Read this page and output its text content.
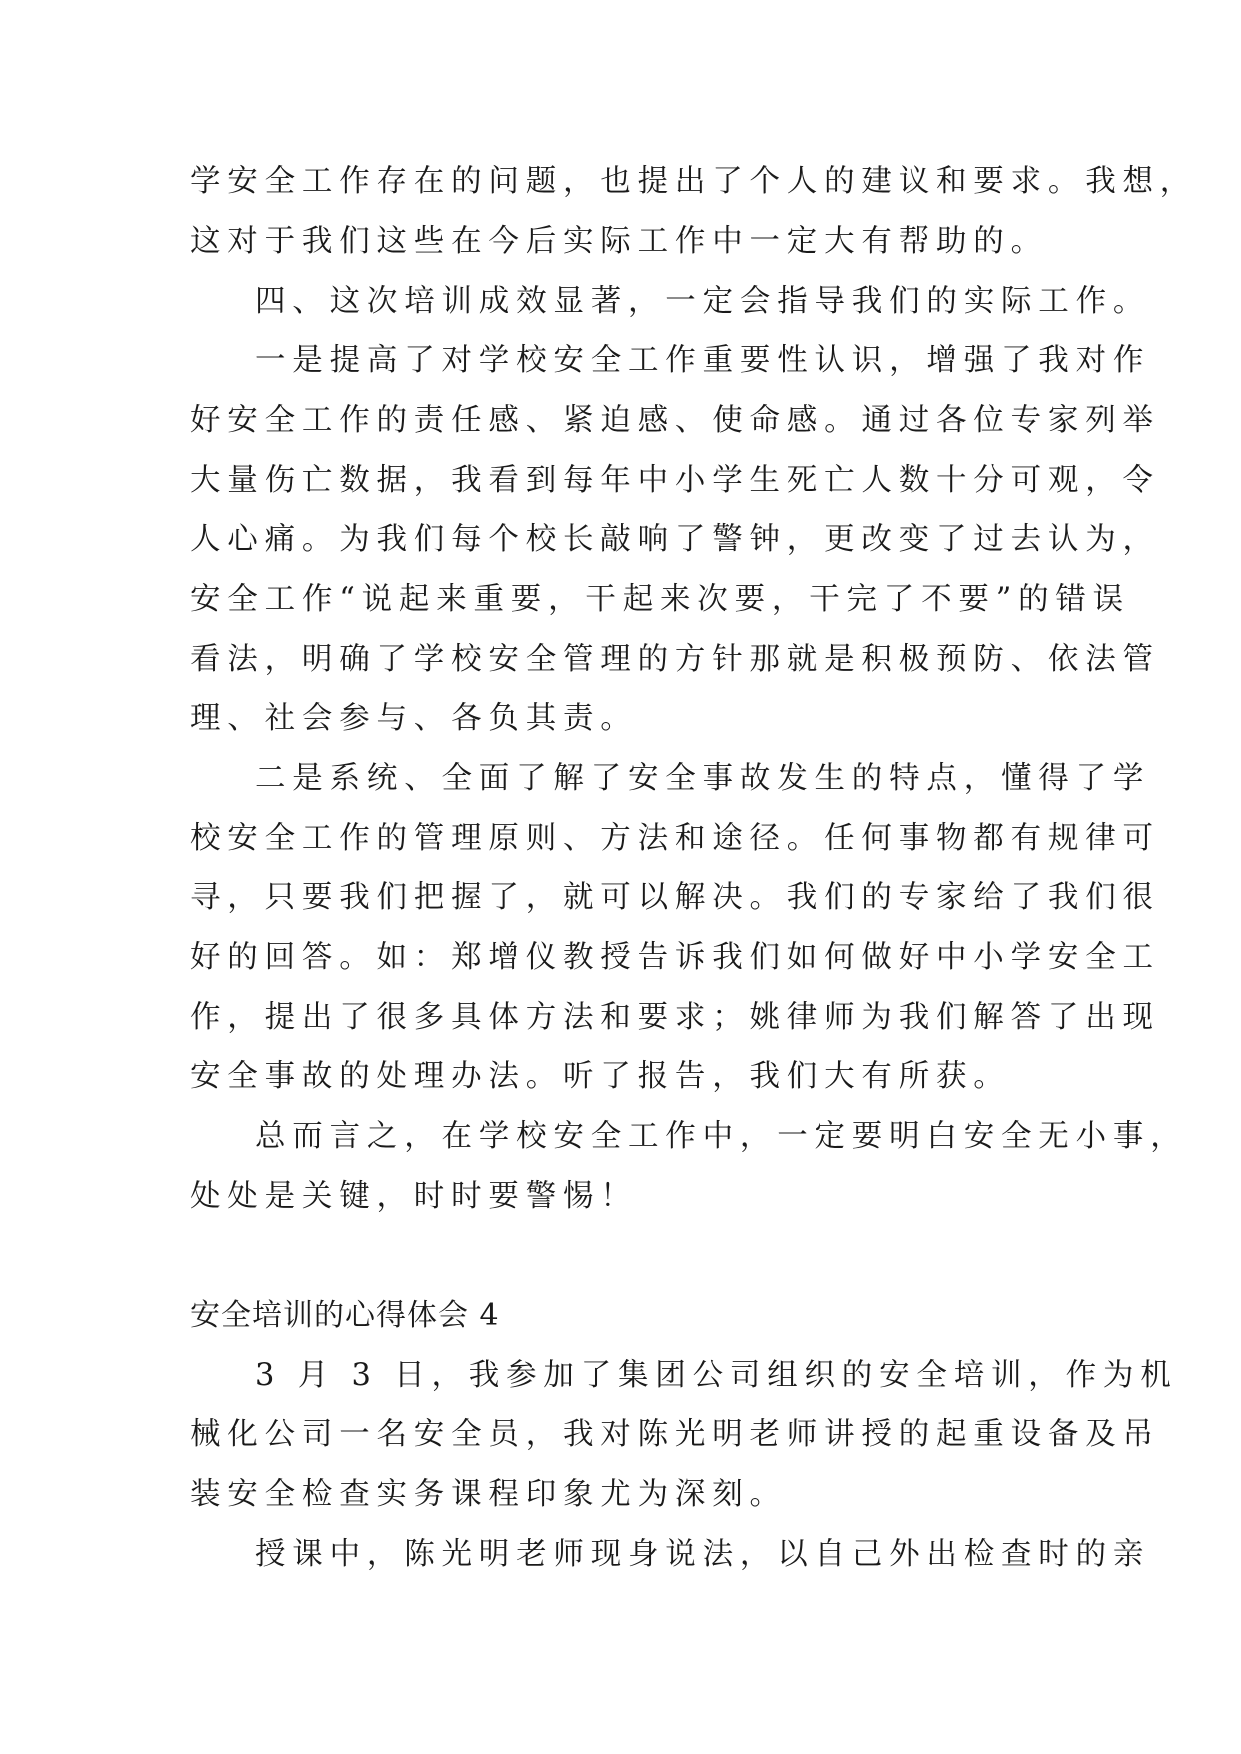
学安全工作存在的问题，也提出了个人的建议和要求。我想，
这对于我们这些在今后实际工作中一定大有帮助的。
四、这次培训成效显著，一定会指导我们的实际工作。
一是提高了对学校安全工作重要性认识，增强了我对作
好安全工作的责任感、紧迫感、使命感。通过各位专家列举
大量伤亡数据，我看到每年中小学生死亡人数十分可观，令
人心痛。为我们每个校长敲响了警钟，更改变了过去认为，
安全工作“说起来重要，干起来次要，干完了不要”的错误
看法，明确了学校安全管理的方针那就是积极预防、依法管
理、社会参与、各负其责。
二是系统、全面了解了安全事故发生的特点，懂得了学
校安全工作的管理原则、方法和途径。任何事物都有规律可
寻，只要我们把握了，就可以解决。我们的专家给了我们很
好的回答。如：郑增仪教授告诉我们如何做好中小学安全工
作，提出了很多具体方法和要求；姚律师为我们解答了出现
安全事故的处理办法。听了报告，我们大有所获。
总而言之，在学校安全工作中，一定要明白安全无小事，
处处是关键，时时要警惕！
安全培训的心得体会 4
3 月 3 日，我参加了集团公司组织的安全培训，作为机
械化公司一名安全员，我对陈光明老师讲授的起重设备及吊
装安全检查实务课程印象尤为深刻。
授课中，陈光明老师现身说法，以自己外出检查时的亲
